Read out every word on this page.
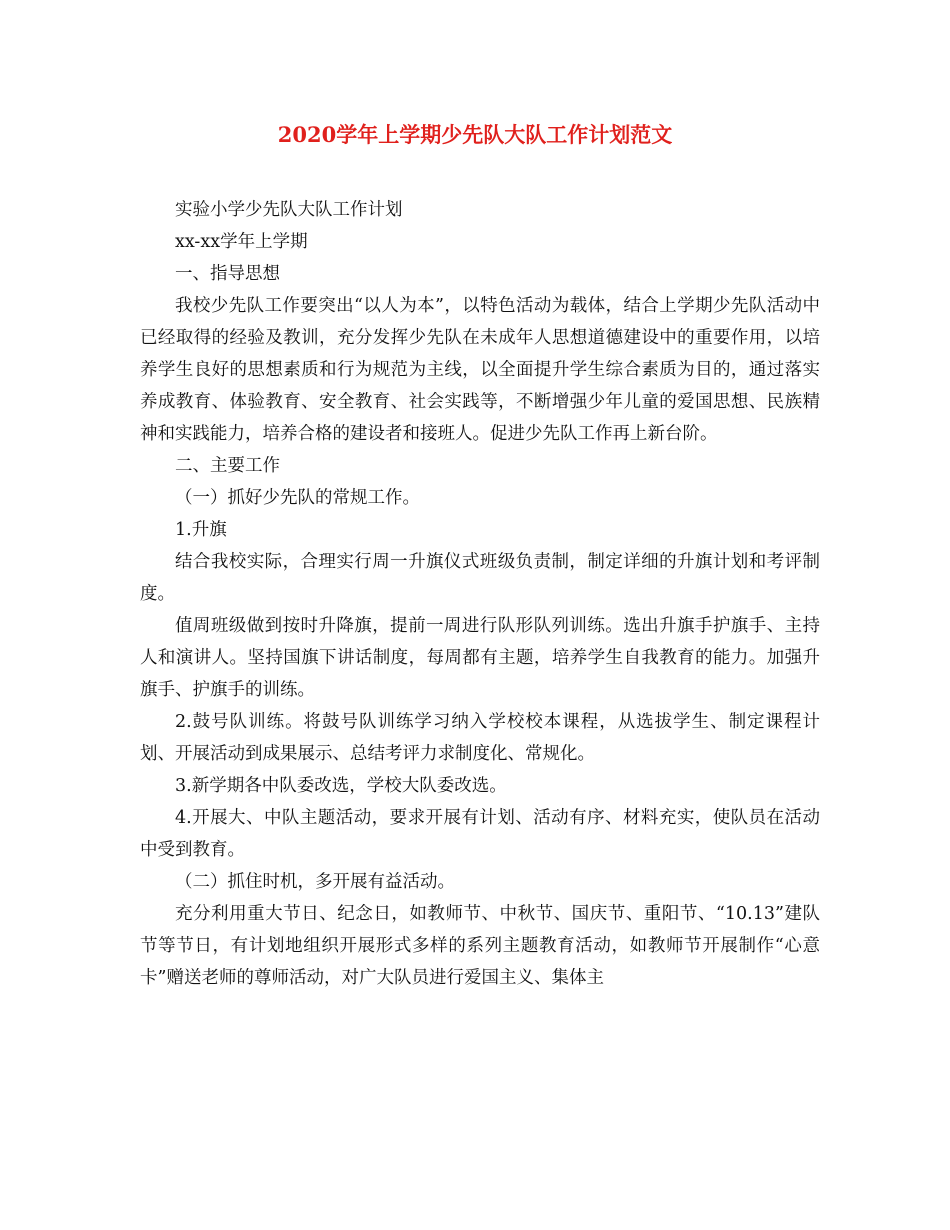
2020学年上学期少先队大队工作计划范文

实验小学少先队大队工作计划

xx-xx学年上学期

一、指导思想

我校少先队工作要突出“以人为本”，以特色活动为载体，结合上学期少先队活动中已经取得的经验及教训，充分发挥少先队在未成年人思想道德建设中的重要作用，以培养学生良好的思想素质和行为规范为主线，以全面提升学生综合素质为目的，通过落实养成教育、体验教育、安全教育、社会实践等，不断增强少年儿童的爱国思想、民族精神和实践能力，培养合格的建设者和接班人。促进少先队工作再上新台阶。

二、主要工作

（一）抓好少先队的常规工作。

1.升旗

结合我校实际，合理实行周一升旗仪式班级负责制，制定详细的升旗计划和考评制度。

值周班级做到按时升降旗，提前一周进行队形队列训练。选出升旗手护旗手、主持人和演讲人。坚持国旗下讲话制度，每周都有主题，培养学生自我教育的能力。加强升旗手、护旗手的训练。

2.鼓号队训练。将鼓号队训练学习纳入学校校本课程，从选拔学生、制定课程计划、开展活动到成果展示、总结考评力求制度化、常规化。

3.新学期各中队委改选，学校大队委改选。

4.开展大、中队主题活动，要求开展有计划、活动有序、材料充实，使队员在活动中受到教育。

（二）抓住时机，多开展有益活动。

充分利用重大节日、纪念日，如教师节、中秋节、国庆节、重阳节、“10.13”建队节等节日，有计划地组织开展形式多样的系列主题教育活动，如教师节开展制作“心意卡”赠送老师的尊师活动，对广大队员进行爱国主义、集体主
